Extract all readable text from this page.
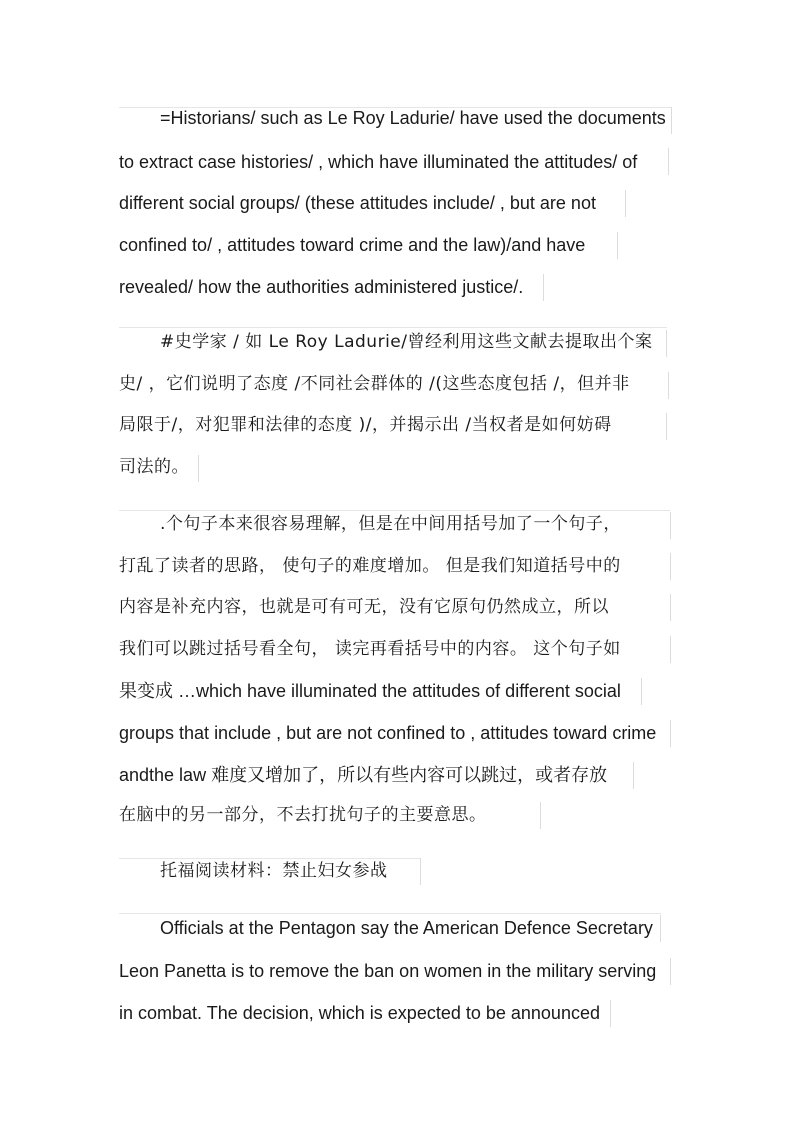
=Historians/ such as Le Roy Ladurie/ have used the documents
to extract case histories/ , which have illuminated the attitudes/ of
different social groups/ (these attitudes include/ , but are not
confined to/ , attitudes toward crime and the law)/and have
revealed/ how the authorities administered justice/.
#史学家 / 如 Le Roy Ladurie/曾经利用这些文献去提取出个案
史/ ，它们说明了态度 /不同社会群体的 /(这些态度包括 /，但并非
局限于/，对犯罪和法律的态度 )/，并揭示出 /当权者是如何妨碍
司法的。
.个句子本来很容易理解，但是在中间用括号加了一个句子，
打乱了读者的思路， 使句子的难度增加。 但是我们知道括号中的
内容是补充内容，也就是可有可无，没有它原句仍然成立，所以
我们可以跳过括号看全句， 读完再看括号中的内容。 这个句子如
果变成 …which have illuminated the attitudes of different social
groups that include , but are not confined to , attitudes toward crime
andthe law 难度又增加了，所以有些内容可以跳过，或者存放
在脑中的另一部分，不去打扰句子的主要意思。
托福阅读材料：禁止妇女参战
Officials at the Pentagon say the American Defence Secretary
Leon Panetta is to remove the ban on women in the military serving
in combat. The decision, which is expected to be announced
